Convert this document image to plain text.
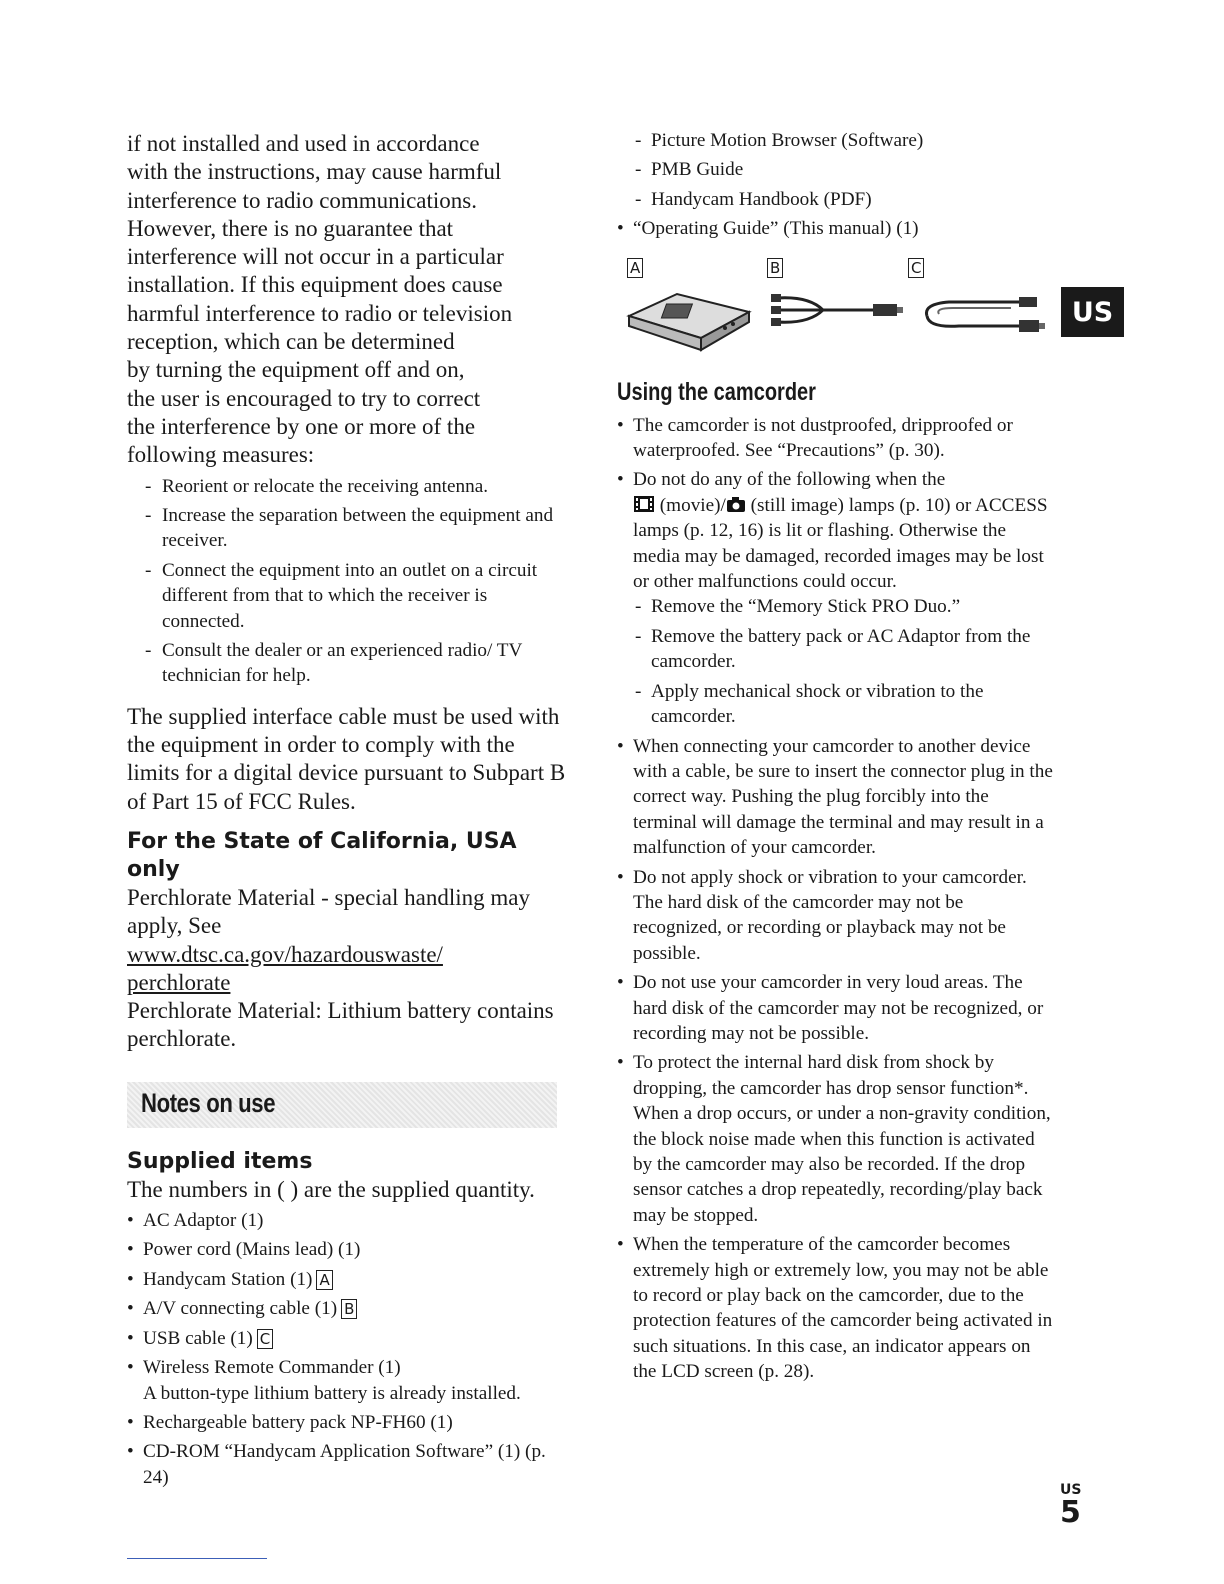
if not installed and used in accordance
with the instructions, may cause harmful
interference to radio communications.
However, there is no guarantee that
interference will not occur in a particular
installation. If this equipment does cause
harmful interference to radio or television
reception, which can be determined
by turning the equipment off and on,
the user is encouraged to try to correct
the interference by one or more of the
following measures:

- Reorient or relocate the receiving antenna.
- Increase the separation between the equipment and receiver.
- Connect the equipment into an outlet on a circuit different from that to which the receiver is connected.
- Consult the dealer or an experienced radio/ TV technician for help.

The supplied interface cable must be used with the equipment in order to comply with the limits for a digital device pursuant to Subpart B of Part 15 of FCC Rules.

For the State of California, USA only

Perchlorate Material - special handling may apply, See
www.dtsc.ca.gov/hazardouswaste/
perchlorate
Perchlorate Material: Lithium battery contains perchlorate.

Notes on use
Supplied items

The numbers in ( ) are the supplied quantity.

• AC Adaptor (1)
• Power cord (Mains lead) (1)
• Handycam Station (1) A
• A/V connecting cable (1) B
• USB cable (1) C
• Wireless Remote Commander (1)
A button-type lithium battery is already installed.
• Rechargeable battery pack NP-FH60 (1)
• CD-ROM “Handycam Application Software” (1) (p. 24)
- Picture Motion Browser (Software)
- PMB Guide
- Handycam Handbook (PDF)
• “Operating Guide” (This manual) (1)
A	B	C
Using the camcorder
• The camcorder is not dustproofed, dripproofed or waterproofed. See “Precautions” (p. 30).
• Do not do any of the following when the
(movie)/ (still image) lamps (p. 10) or ACCESS lamps (p. 12, 16) is lit or flashing. Otherwise the media may be damaged, recorded images may be lost or other malfunctions could occur.
- Remove the “Memory Stick PRO Duo.”
- Remove the battery pack or AC Adaptor from the camcorder.
- Apply mechanical shock or vibration to the camcorder.
• When connecting your camcorder to another device with a cable, be sure to insert the connector plug in the correct way. Pushing the plug forcibly into the terminal will damage the terminal and may result in a malfunction of your camcorder.
• Do not apply shock or vibration to your camcorder. The hard disk of the camcorder may not be recognized, or recording or playback may not be possible.
• Do not use your camcorder in very loud areas. The hard disk of the camcorder may not be recognized, or recording may not be possible.
• To protect the internal hard disk from shock by dropping, the camcorder has drop sensor function*. When a drop occurs, or under a non-gravity condition, the block noise made when this function is activated by the camcorder may also be recorded. If the drop sensor catches a drop repeatedly, recording/play back may be stopped.
• When the temperature of the camcorder becomes extremely high or extremely low, you may not be able to record or play back on the camcorder, due to the protection features of the camcorder being activated in such situations. In this case, an indicator appears on the LCD screen (p. 28).
US
US
5
